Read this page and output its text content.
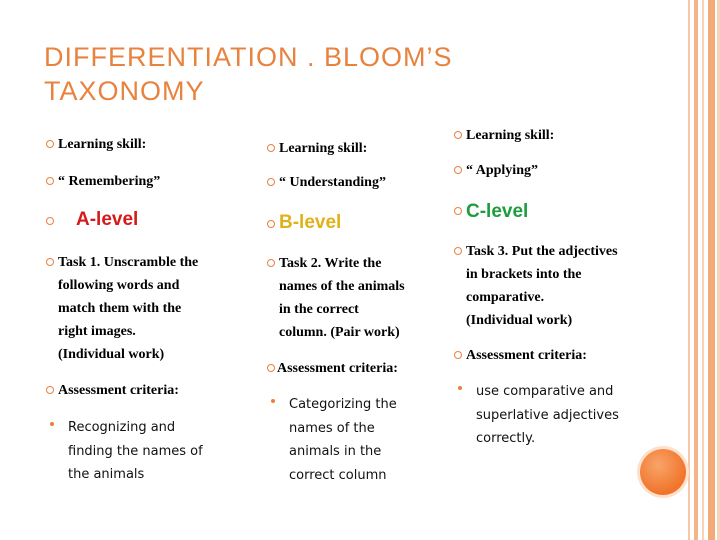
DIFFERENTIATION . BLOOM’S
TAXONOMY
Learning skill:
“ Remembering”
A-level
Task 1. Unscramble the
following words and
match them with the
right images.
(Individual work)
Assessment criteria:
Recognizing and
finding the names of
the animals
Learning skill:
“ Understanding”
B-level
Task 2. Write the
names of the animals
in the correct
column. (Pair work)
Assessment criteria:
Categorizing the
names of the
animals in the
correct column
Learning skill:
“ Applying”
C-level
Task 3. Put the adjectives
in brackets into the
comparative.
(Individual work)
Assessment criteria:
use comparative and
superlative adjectives
correctly.
